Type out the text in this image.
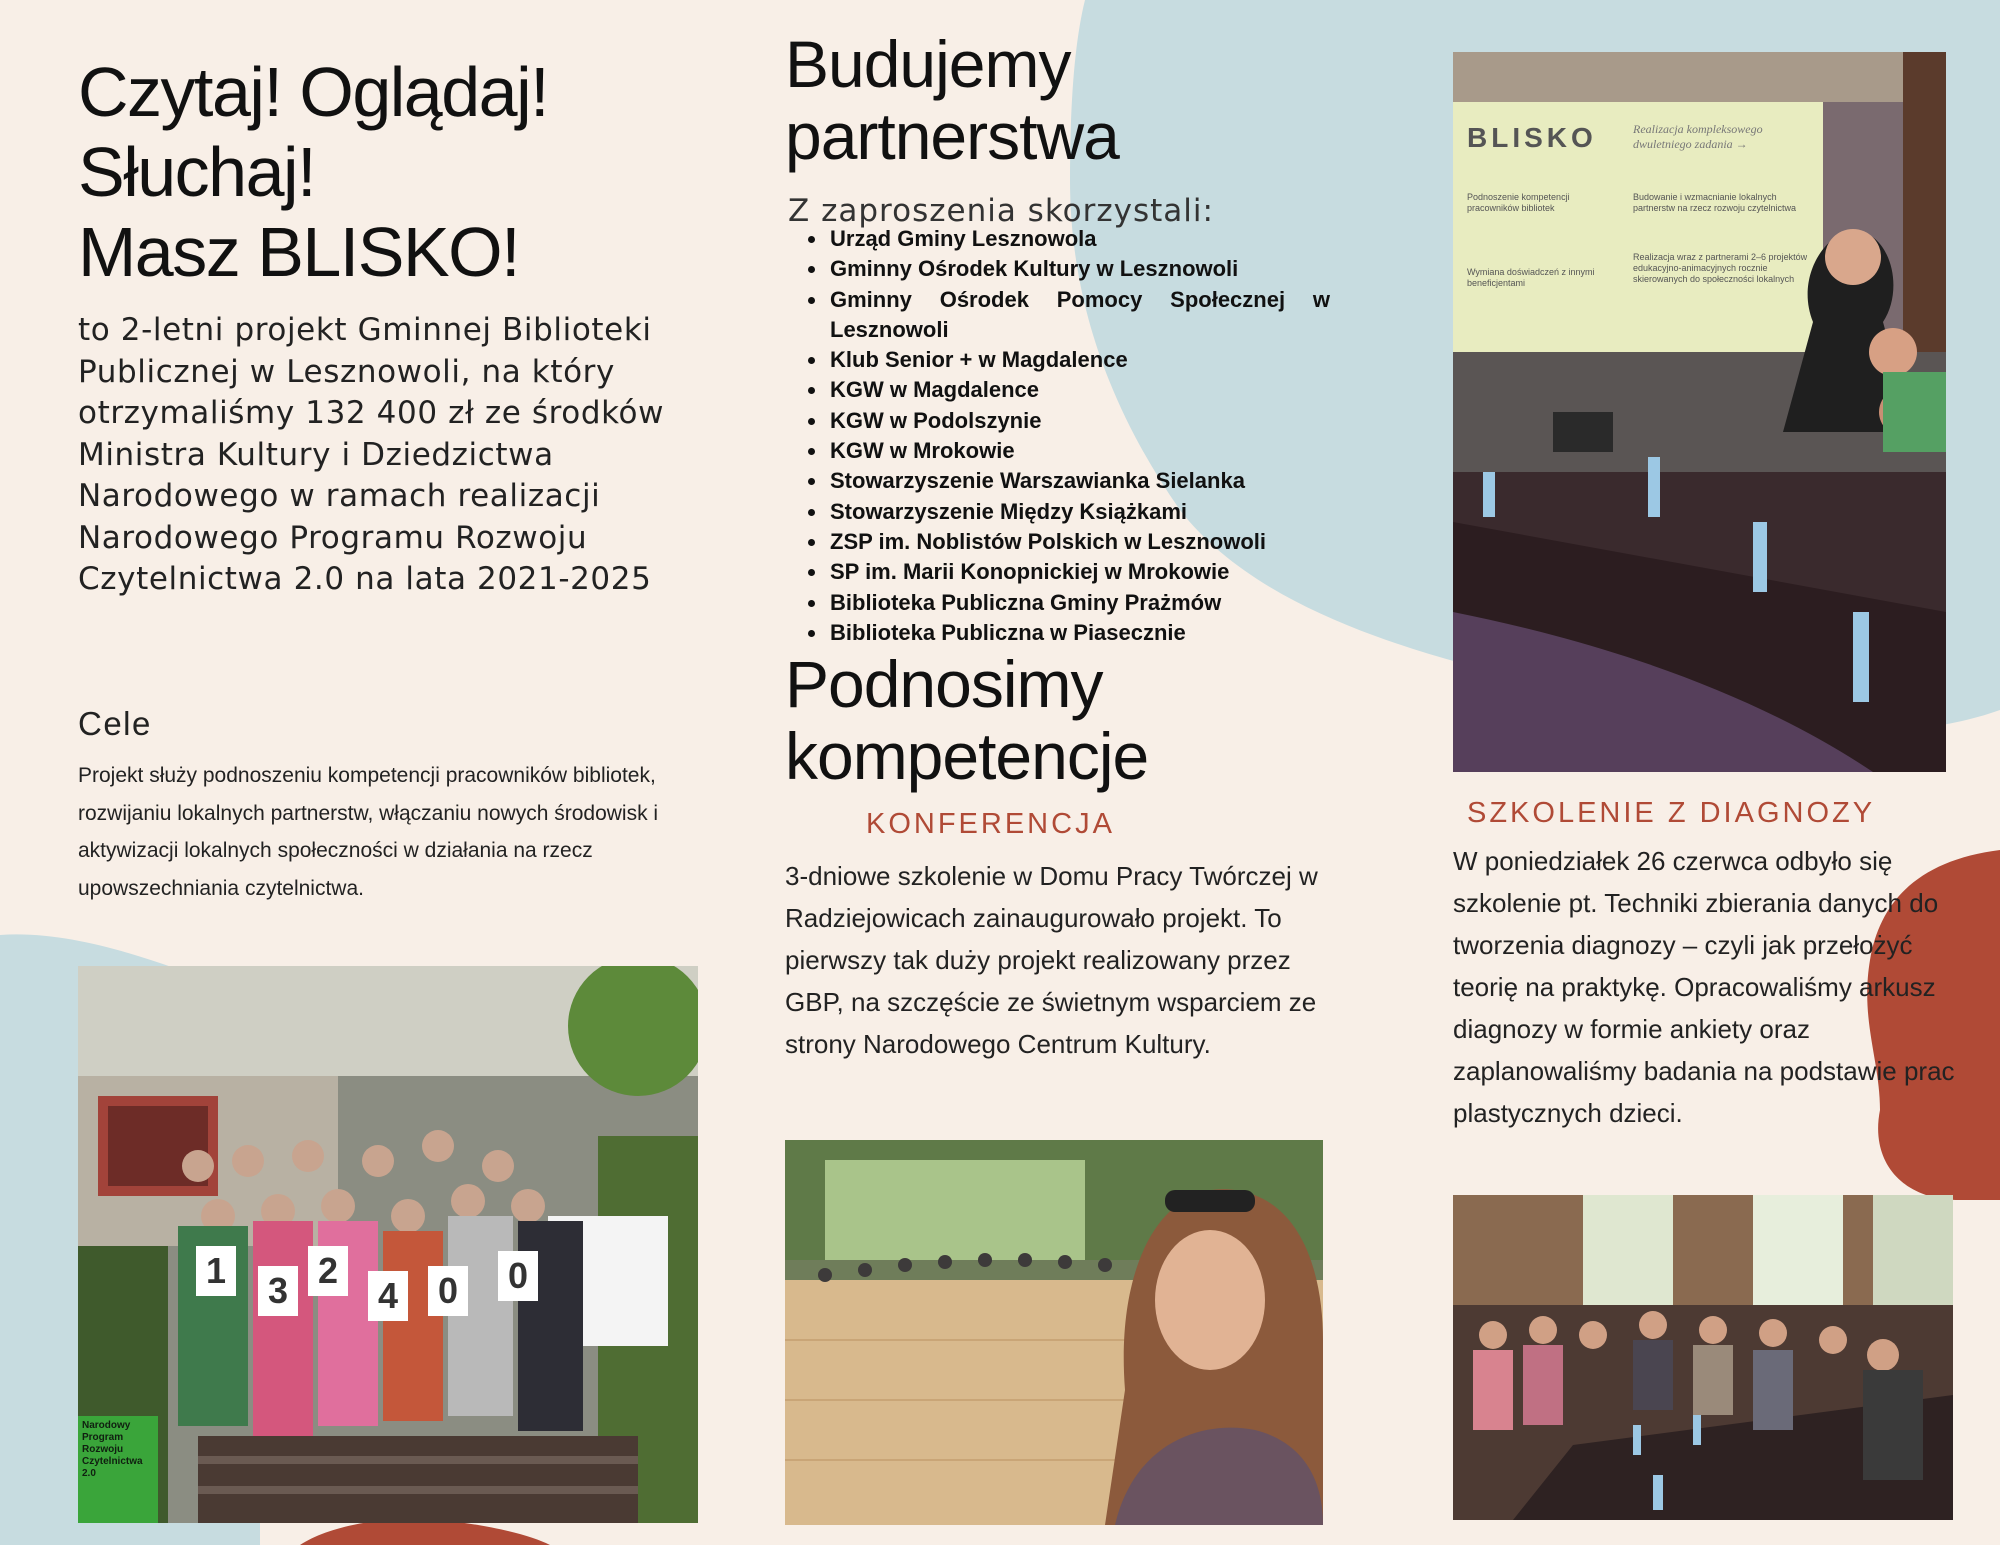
Czytaj! Oglądaj!
Słuchaj!
Masz BLISKO!

to 2-letni projekt Gminnej Biblioteki Publicznej w Lesznowoli, na który otrzymaliśmy 132 400 zł ze środków Ministra Kultury i Dziedzictwa Narodowego w ramach realizacji Narodowego Programu Rozwoju Czytelnictwa 2.0 na lata 2021-2025

Cele

Projekt służy podnoszeniu kompetencji pracowników bibliotek, rozwijaniu lokalnych partnerstw, włączaniu nowych środowisk i aktywizacji lokalnych społeczności w działania na rzecz upowszechniania czytelnictwa.

1 3 2
4 0 0
Narodowy Program Rozwoju Czytelnictwa 2.0
Budujemy
partnerstwa
Z zaproszenia skorzystali:
• Urząd Gminy Lesznowola
• Gminny Ośrodek Kultury w Lesznowoli
• Gminny Ośrodek Pomocy Społecznej w Lesznowoli
• Klub Senior + w Magdalence
• KGW w Magdalence
• KGW w Podolszynie
• KGW w Mrokowie
• Stowarzyszenie Warszawianka Sielanka
• Stowarzyszenie Między Książkami
• ZSP im. Noblistów Polskich w Lesznowoli
• SP im. Marii Konopnickiej w Mrokowie
• Biblioteka Publiczna Gminy Prażmów
• Biblioteka Publiczna w Piasecznie
Podnosimy
kompetencje
KONFERENCJA

3-dniowe szkolenie w Domu Pracy Twórczej w Radziejowicach zainaugurowało projekt. To pierwszy tak duży projekt realizowany przez GBP, na szczęście ze świetnym wsparciem ze strony Narodowego Centrum Kultury.

BLISKO	Realizacja kompleksowego dwuletniego zadania →
Podnoszenie kompetencji pracowników bibliotek
Budowanie i wzmacnianie lokalnych partnerstw na rzecz rozwoju czytelnictwa
Wymiana doświadczeń z innymi beneficjentami
Realizacja wraz z partnerami 2–6 projektów edukacyjno-animacyjnych rocznie skierowanych do społeczności lokalnych
SZKOLENIE Z DIAGNOZY

W poniedziałek 26 czerwca odbyło się szkolenie pt. Techniki zbierania danych do tworzenia diagnozy – czyli jak przełożyć teorię na praktykę. Opracowaliśmy arkusz diagnozy w formie ankiety oraz zaplanowaliśmy badania na podstawie prac plastycznych dzieci.
